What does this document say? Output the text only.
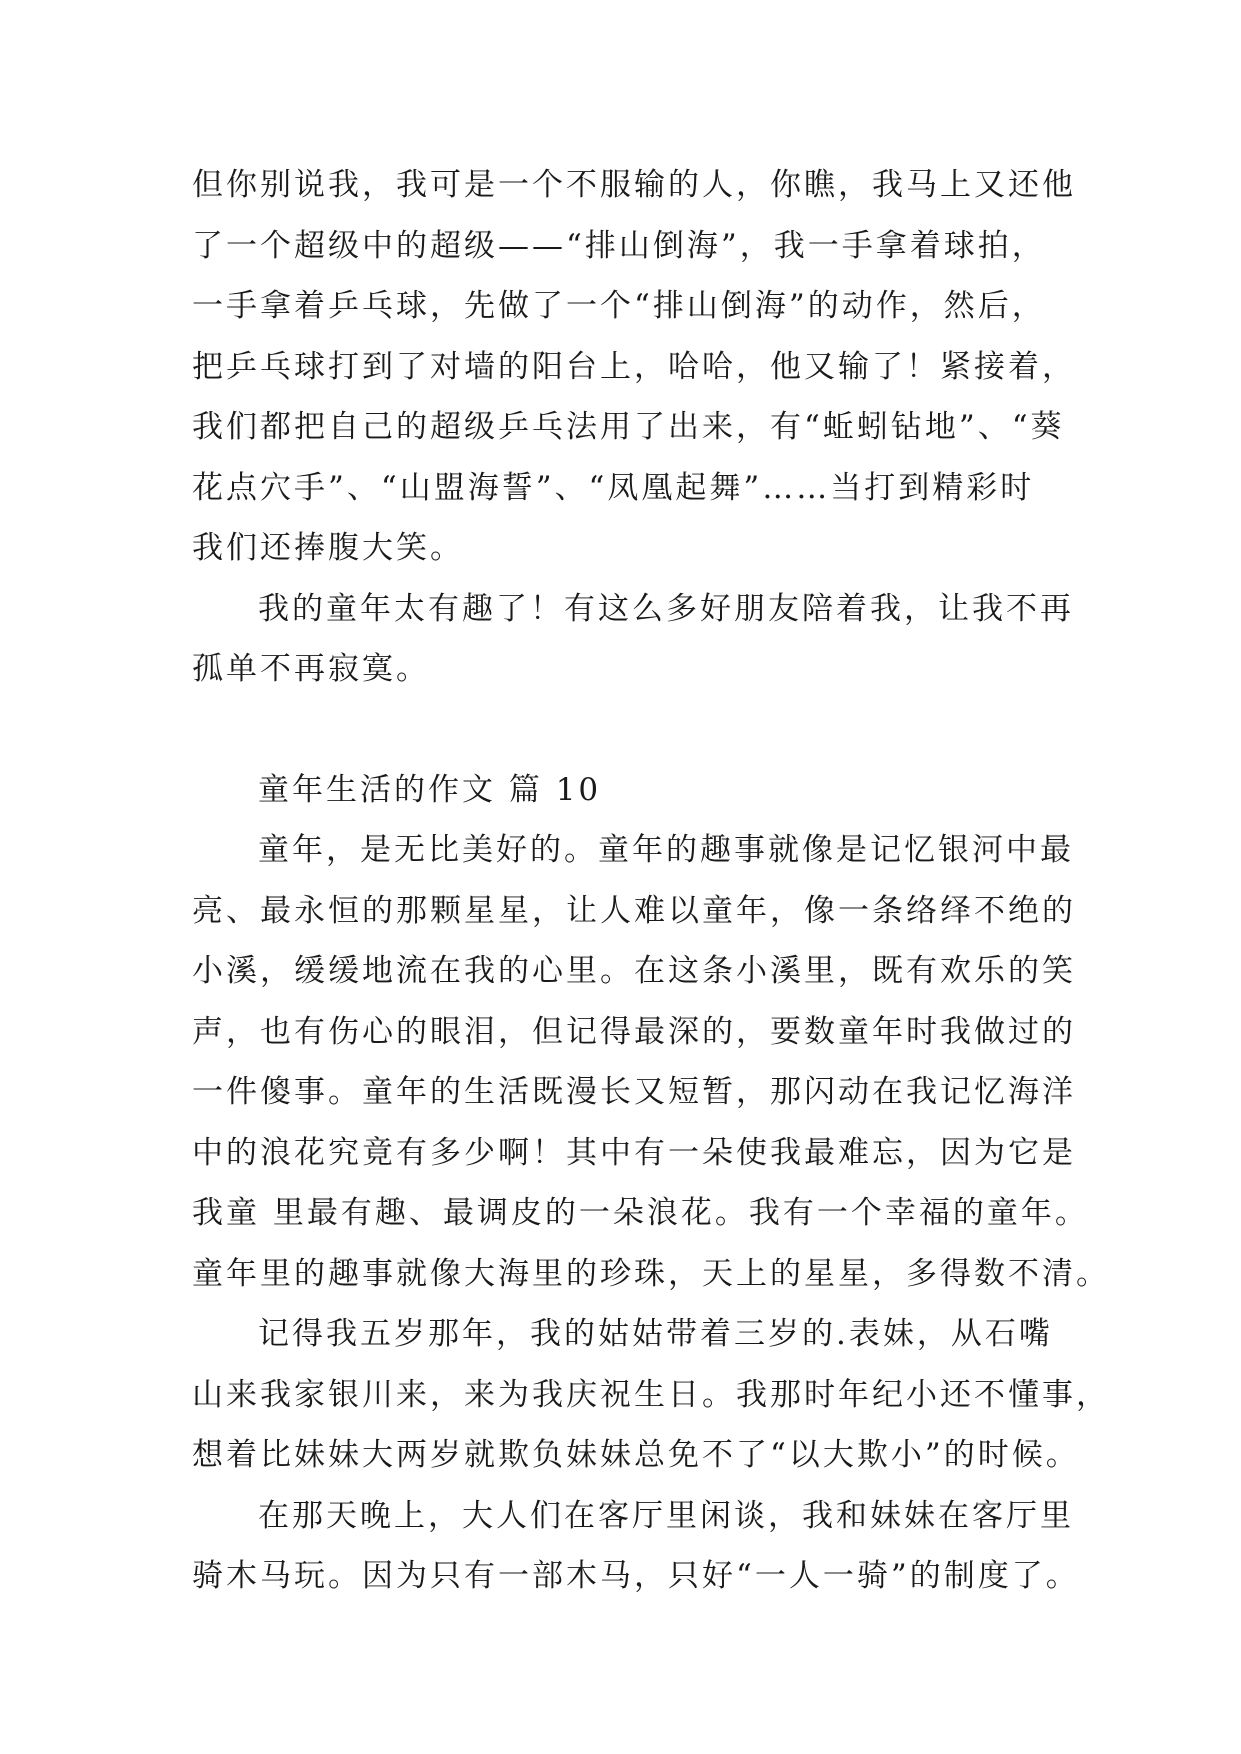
但你别说我，我可是一个不服输的人，你瞧，我马上又还他
了一个超级中的超级——“排山倒海”，我一手拿着球拍，
一手拿着乒乓球，先做了一个“排山倒海”的动作，然后，
把乒乓球打到了对墙的阳台上，哈哈，他又输了！紧接着，
我们都把自己的超级乒乓法用了出来，有“蚯蚓钻地”、“葵
花点穴手”、“山盟海誓”、“凤凰起舞”……当打到精彩时
我们还捧腹大笑。
我的童年太有趣了！有这么多好朋友陪着我，让我不再
孤单不再寂寞。
童年生活的作文 篇 10
童年，是无比美好的。童年的趣事就像是记忆银河中最
亮、最永恒的那颗星星，让人难以童年，像一条络绎不绝的
小溪，缓缓地流在我的心里。在这条小溪里，既有欢乐的笑
声，也有伤心的眼泪，但记得最深的，要数童年时我做过的
一件傻事。童年的生活既漫长又短暂，那闪动在我记忆海洋
中的浪花究竟有多少啊！其中有一朵使我最难忘，因为它是
我童 里最有趣、最调皮的一朵浪花。我有一个幸福的童年。
童年里的趣事就像大海里的珍珠，天上的星星，多得数不清。
记得我五岁那年，我的姑姑带着三岁的.表妹，从石嘴
山来我家银川来，来为我庆祝生日。我那时年纪小还不懂事，
想着比妹妹大两岁就欺负妹妹总免不了“以大欺小”的时候。
在那天晚上，大人们在客厅里闲谈，我和妹妹在客厅里
骑木马玩。因为只有一部木马，只好“一人一骑”的制度了。
